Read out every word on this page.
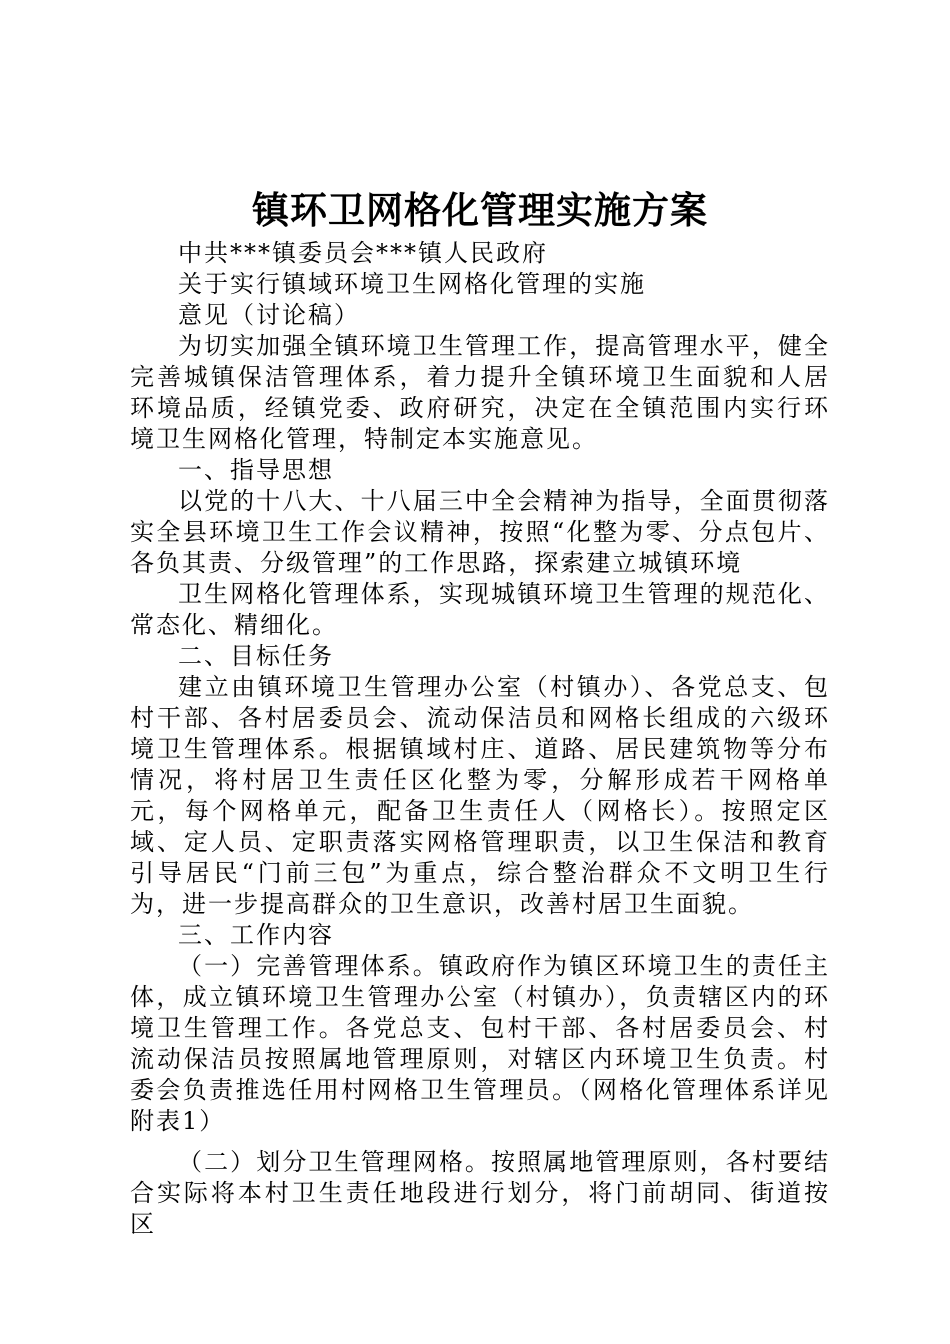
镇环卫网格化管理实施方案

中共***镇委员会***镇人民政府

关于实行镇域环境卫生网格化管理的实施

意见（讨论稿）

为切实加强全镇环境卫生管理工作，提高管理水平，健全完善城镇保洁管理体系，着力提升全镇环境卫生面貌和人居环境品质，经镇党委、政府研究，决定在全镇范围内实行环境卫生网格化管理，特制定本实施意见。

一、指导思想

以党的十八大、十八届三中全会精神为指导，全面贯彻落实全县环境卫生工作会议精神，按照“化整为零、分点包片、各负其责、分级管理”的工作思路，探索建立城镇环境

卫生网格化管理体系，实现城镇环境卫生管理的规范化、常态化、精细化。

二、目标任务

建立由镇环境卫生管理办公室（村镇办）、各党总支、包村干部、各村居委员会、流动保洁员和网格长组成的六级环境卫生管理体系。根据镇域村庄、道路、居民建筑物等分布情况，将村居卫生责任区化整为零，分解形成若干网格单元，每个网格单元，配备卫生责任人（网格长）。按照定区域、定人员、定职责落实网格管理职责，以卫生保洁和教育引导居民“门前三包”为重点，综合整治群众不文明卫生行为，进一步提高群众的卫生意识，改善村居卫生面貌。

三、工作内容

（一）完善管理体系。镇政府作为镇区环境卫生的责任主体，成立镇环境卫生管理办公室（村镇办），负责辖区内的环境卫生管理工作。各党总支、包村干部、各村居委员会、村流动保洁员按照属地管理原则，对辖区内环境卫生负责。村委会负责推选任用村网格卫生管理员。（网格化管理体系详见附表1）

（二）划分卫生管理网格。按照属地管理原则，各村要结合实际将本村卫生责任地段进行划分，将门前胡同、街道按区
